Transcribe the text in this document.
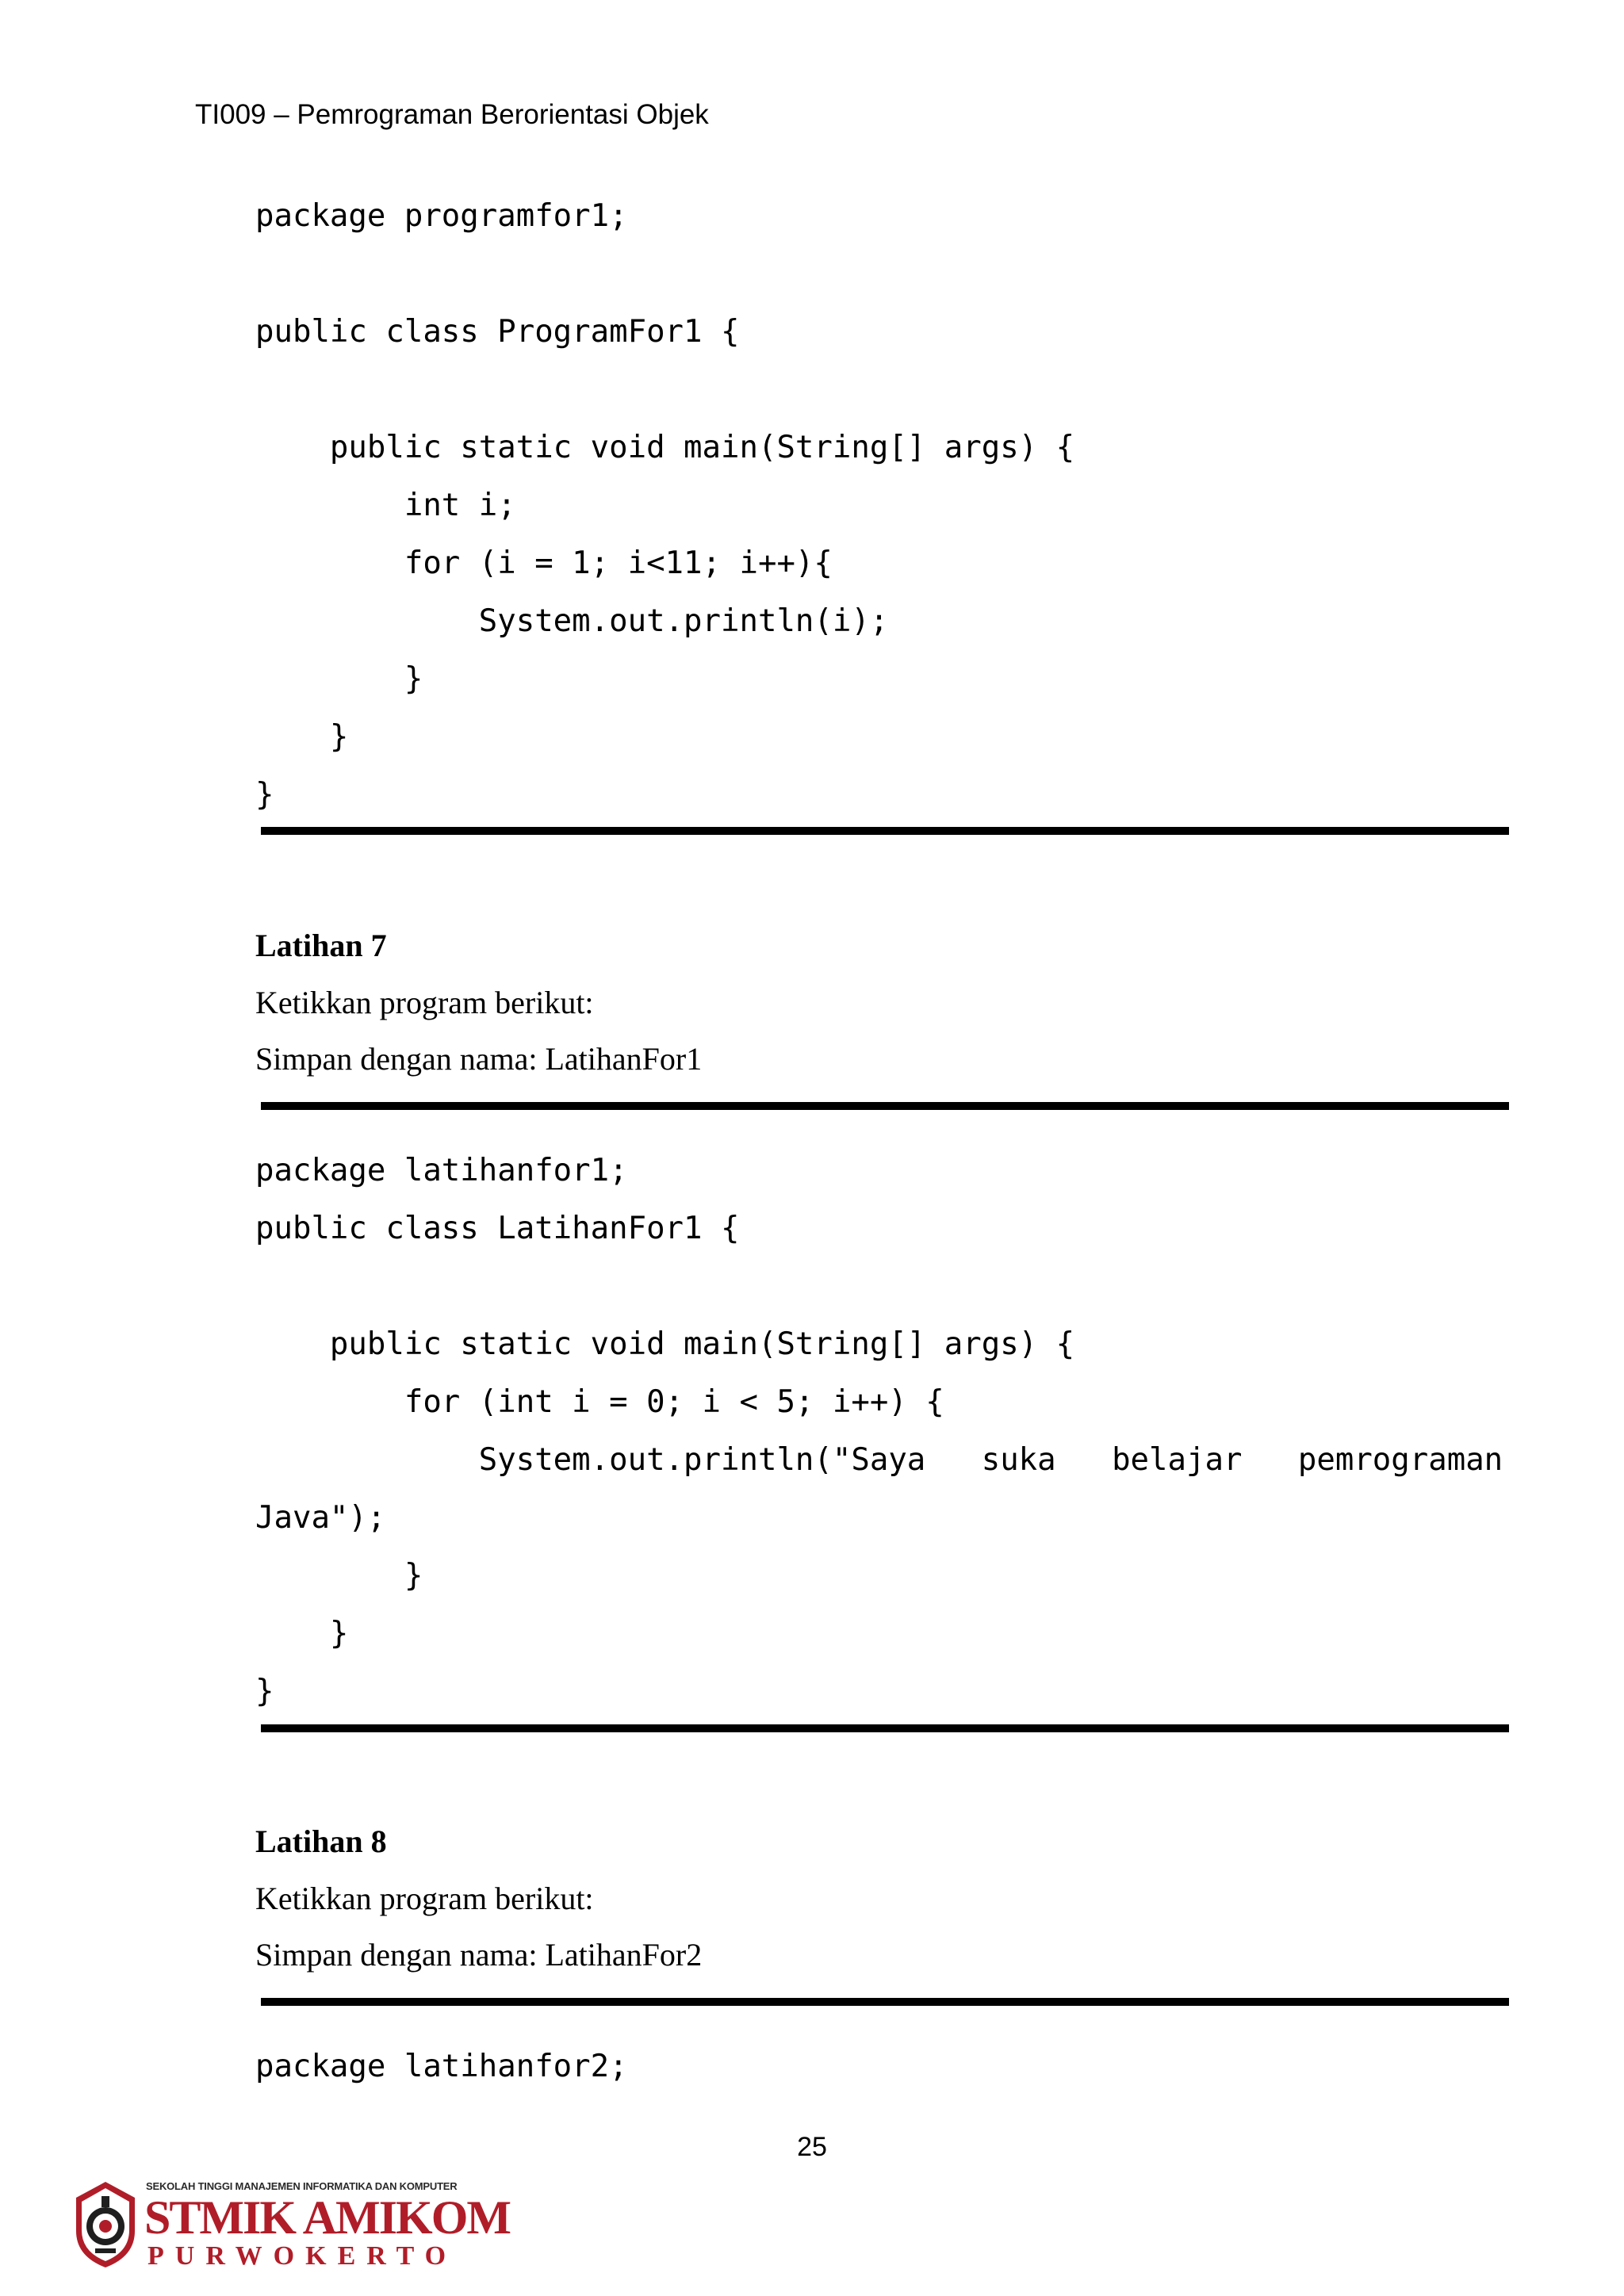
TI009 – Pemrograman Berorientasi Objek
package programfor1;
public class ProgramFor1 {
public static void main(String[] args) {
int i;
for (i = 1; i<11; i++){
System.out.println(i);
}
}
}
Latihan 7
Ketikkan program berikut:
Simpan dengan nama: LatihanFor1
package latihanfor1;
public class LatihanFor1 {
public static void main(String[] args) {
for (int i = 0; i < 5; i++) {
System.out.println("Saya   suka   belajar   pemrograman
Java");
}
}
}
Latihan 8
Ketikkan program berikut:
Simpan dengan nama: LatihanFor2
package latihanfor2;
25
SEKOLAH TINGGI MANAJEMEN INFORMATIKA DAN KOMPUTER
STMIK AMIKOM
PURWOKERTO
